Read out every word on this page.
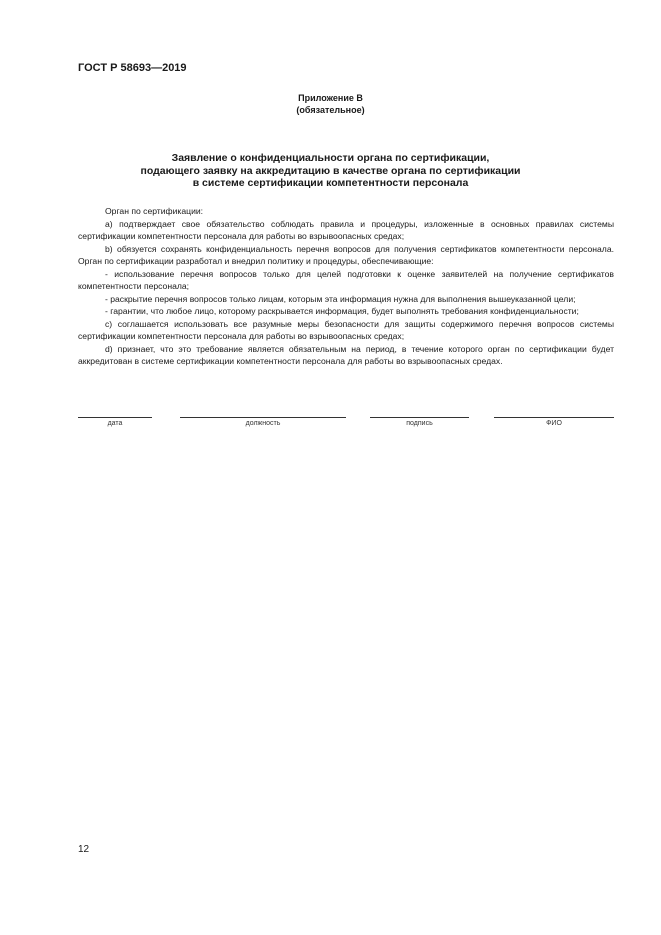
ГОСТ Р 58693—2019
Приложение В
(обязательное)
Заявление о конфиденциальности органа по сертификации,
подающего заявку на аккредитацию в качестве органа по сертификации
в системе сертификации компетентности персонала

Орган по сертификации:

а) подтверждает свое обязательство соблюдать правила и процедуры, изложенные в основных правилах системы сертификации компетентности персонала для работы во взрывоопасных средах;

b) обязуется сохранять конфиденциальность перечня вопросов для получения сертификатов компетентности персонала. Орган по сертификации разработал и внедрил политику и процедуры, обеспечивающие:

- использование перечня вопросов только для целей подготовки к оценке заявителей на получение сертификатов компетентности персонала;

- раскрытие перечня вопросов только лицам, которым эта информация нужна для выполнения вышеуказанной цели;

- гарантии, что любое лицо, которому раскрывается информация, будет выполнять требования конфиденциальности;

с) соглашается использовать все разумные меры безопасности для защиты содержимого перечня вопросов системы сертификации компетентности персонала для работы во взрывоопасных средах;

d) признает, что это требование является обязательным на период, в течение которого орган по сертификации будет аккредитован в системе сертификации компетентности персонала для работы во взрывоопасных средах.

дата	должность	подпись	ФИО
12
